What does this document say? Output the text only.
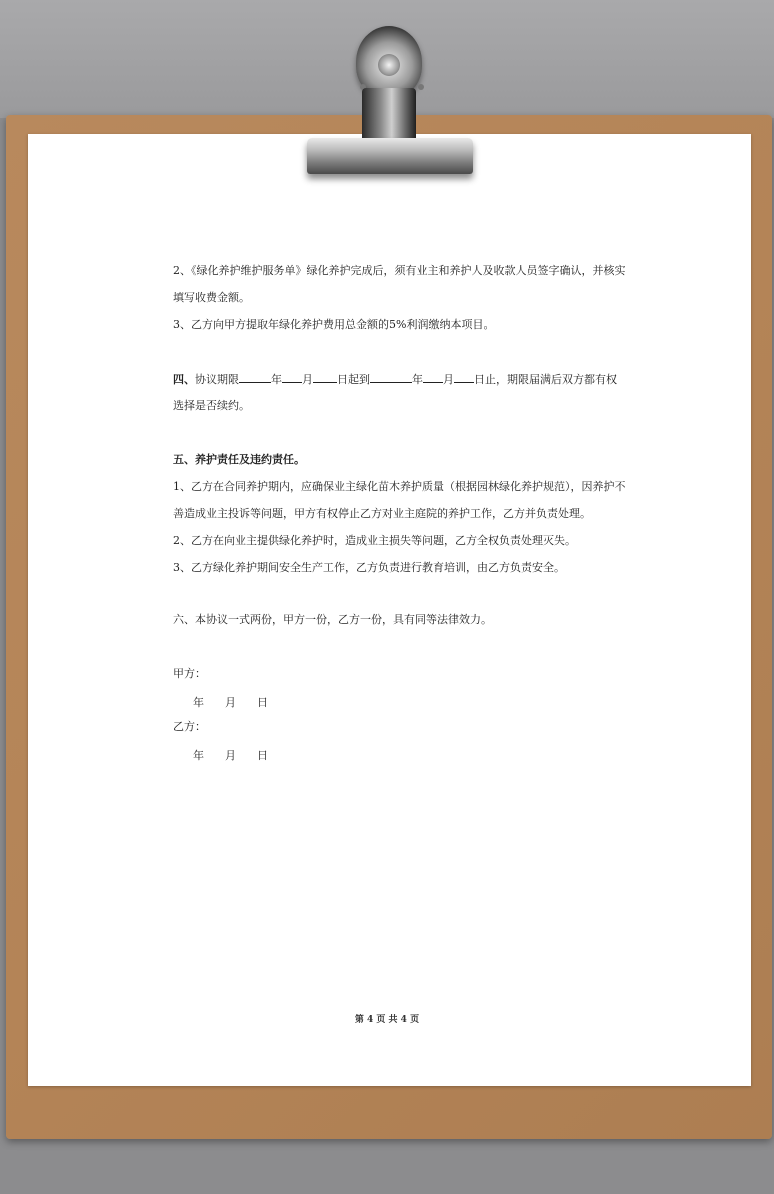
2、《绿化养护维护服务单》绿化养护完成后，须有业主和养护人及收款人员签字确认，并核实
填写收费金额。
3、乙方向甲方提取年绿化养护费用总金额的5%利润缴纳本项目。
四、协议期限	年 月 日起到	年 月 日止，期限届满后双方都有权
选择是否续约。
五、养护责任及违约责任。
1、乙方在合同养护期内，应确保业主绿化苗木养护质量（根据园林绿化养护规范），因养护不
善造成业主投诉等问题，甲方有权停止乙方对业主庭院的养护工作，乙方并负责处理。
2、乙方在向业主提供绿化养护时，造成业主损失等问题，乙方全权负责处理灭失。
3、乙方绿化养护期间安全生产工作，乙方负责进行教育培训，由乙方负责安全。
六、本协议一式两份，甲方一份，乙方一份，具有同等法律效力。
甲方：
年      月      日
乙方：
年      月      日
第 4 页 共 4 页
